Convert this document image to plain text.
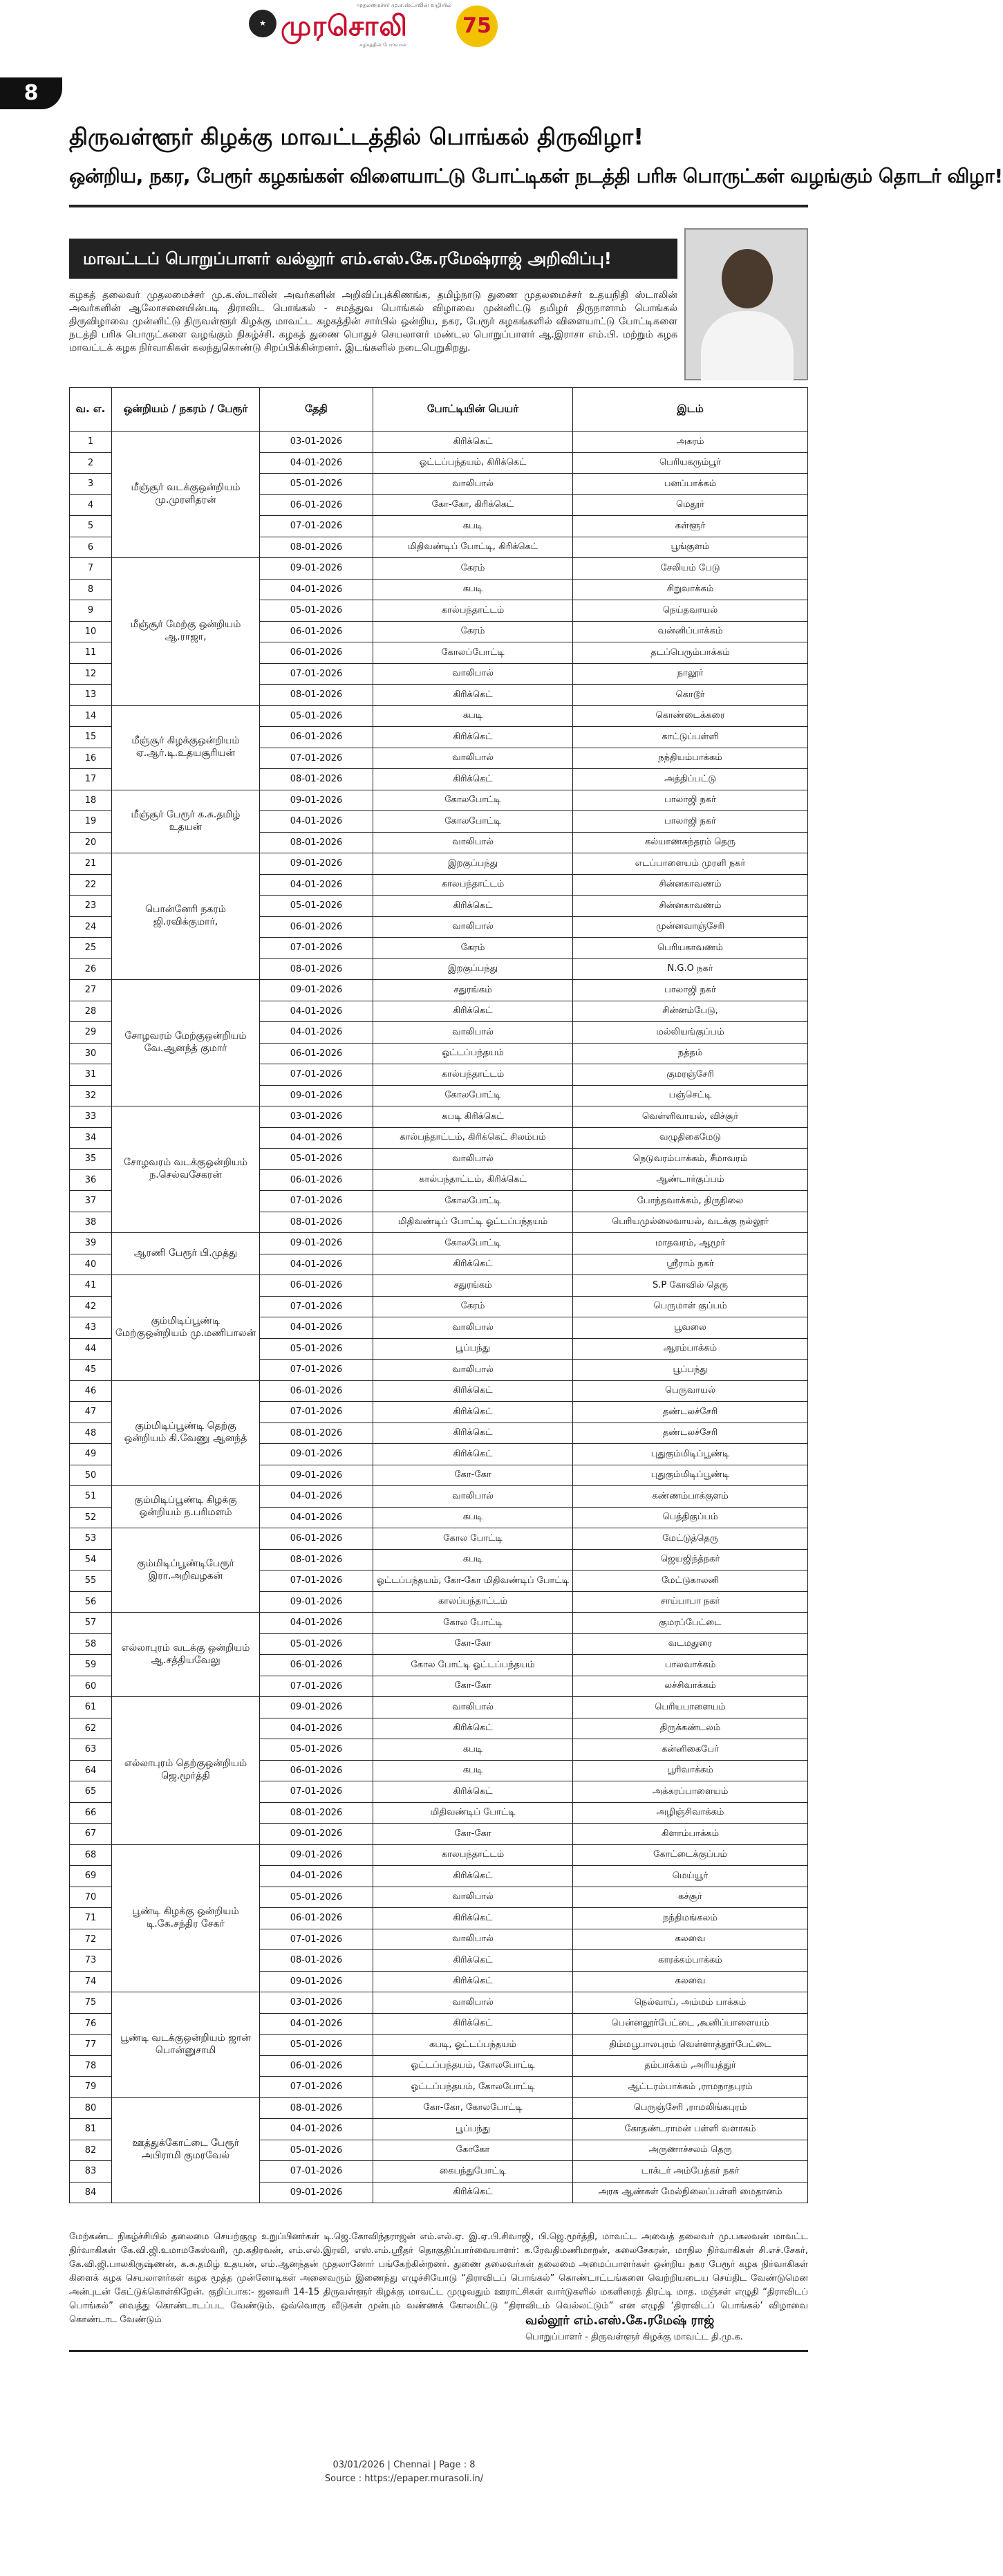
முதலமைச்சர் மு.க.ஸ்டாலின் வழியில்
★ முரசொலி	75
கழகத்தின் போர்வாள்
8
திருவள்ளூர் கிழக்கு மாவட்டத்தில் பொங்கல் திருவிழா!
ஒன்றிய, நகர, பேரூர் கழகங்கள் விளையாட்டு போட்டிகள் நடத்தி பரிசு பொருட்கள் வழங்கும் தொடர் விழா!
மாவட்டப் பொறுப்பாளர் வல்லூர் எம்.எஸ்.கே.ரமேஷ்ராஜ் அறிவிப்பு!
கழகத் தலைவர் முதலமைச்சர் மு.க.ஸ்டாலின் அவர்களின் அறிவிப்புக்கிணங்க, தமிழ்நாடு துணை முதலமைச்சர் உதயநிதி ஸ்டாலின் அவர்களின் ஆலோசனையின்படி திராவிட பொங்கல் - சமத்துவ பொங்கல் விழாவை முன்னிட்டு தமிழர் திருநாளாம் பொங்கல் திருவிழாவை முன்னிட்டு திருவள்ளூர் கிழக்கு மாவட்ட கழகத்தின் சார்பில் ஒன்றிய, நகர, பேரூர் கழகங்களில் விளையாட்டு போட்டிகளை நடத்தி பரிசு பொருட்களை வழங்கும் நிகழ்ச்சி. கழகத் துணை பொதுச் செயலாளர் மண்டல பொறுப்பாளர் ஆ.இராசா எம்.பி. மற்றும் கழக மாவட்டக் கழக நிர்வாகிகள் கலந்துகொண்டு சிறப்பிக்கின்றனர். இடங்களில் நடைபெறுகிறது.
வ. எ.	ஒன்றியம் / நகரம் / பேரூர்	தேதி	போட்டியின் பெயர்	இடம்
1	மீஞ்சூர் வடக்குஒன்றியம் மு.முரளிதரன்	03-01-2026	கிரிக்கெட்	அகரம்
2		04-01-2026	ஓட்டப்பந்தயம், கிரிக்கெட்	பெரியகரும்பூர்
3		05-01-2026	வாலிபால்	பனப்பாக்கம்
4		06-01-2026	கோ-கோ, கிரிக்கெட்	மெதூர்
5		07-01-2026	கபடி	கள்ளூர்
6		08-01-2026	மிதிவண்டிப் போட்டி, கிரிக்கெட்	பூங்குளம்
7	மீஞ்சூர் மேற்கு ஒன்றியம் ஆ.ராஜா,	09-01-2026	கேரம்	சேலியம் பேடு
8		04-01-2026	கபடி	சிறுவாக்கம்
9		05-01-2026	கால்பந்தாட்டம்	நெய்தவாயல்
10		06-01-2026	கேரம்	வன்னிப்பாக்கம்
11		06-01-2026	கோலப்போட்டி	தடப்பெரும்பாக்கம்
12		07-01-2026	வாலிபால்	நாலூர்
13		08-01-2026	கிரிக்கெட்	கொடூர்
14	மீஞ்சூர் கிழக்குஒன்றியம் ஏ.ஆர்.டி.உதயசூரியன்	05-01-2026	கபடி	கொண்டைக்கரை
15		06-01-2026	கிரிக்கெட்	காட்டுப்பள்ளி
16		07-01-2026	வாலிபால்	நந்தியம்பாக்கம்
17		08-01-2026	கிரிக்கெட்	அத்திப்பட்டு
18	மீஞ்சூர் பேரூர் க.சு.தமிழ் உதயன்	09-01-2026	கோலபோட்டி	பாலாஜி நகர்
19		04-01-2026	கோலபோட்டி	பாலாஜி நகர்
20		08-01-2026	வாலிபால்	கல்யாணசுந்தரம் தெரு
21	பொன்னேரி நகரம் ஜி.ரவிக்குமார்,	09-01-2026	இறகுப்பந்து	எடப்பாளையம் முரளி நகர்
22		04-01-2026	காலபந்தாட்டம்	சின்னகாவணம்
23		05-01-2026	கிரிக்கெட்	சின்னகாவணம்
24		06-01-2026	வாலிபால்	முன்னவாஞ்சேரி
25		07-01-2026	கேரம்	பெரியகாவணம்
26		08-01-2026	இறகுப்பந்து	N.G.O நகர்
27	சோழவரம் மேற்குஒன்றியம் வே.ஆனந்த் குமார்	09-01-2026	சதுரங்கம்	பாலாஜி நகர்
28		04-01-2026	கிரிக்கெட்	சின்னம்பேடு,
29		04-01-2026	வாலிபால்	மல்லியங்குப்பம்
30		06-01-2026	ஓட்டப்பந்தயம்	நத்தம்
31		07-01-2026	கால்பந்தாட்டம்	குமரஞ்சேரி
32		09-01-2026	கோலபோட்டி	பஞ்செட்டி
33	சோழவரம் வடக்குஒன்றியம் ந.செல்வசேகரன்	03-01-2026	கபடி கிரிக்கெட்	வெள்ளிவாயல், விச்சூர்
34		04-01-2026	கால்பந்தாட்டம், கிரிக்கெட் சிலம்பம்	வழுதிகைமேடு
35		05-01-2026	வாலிபால்	நெடுவரம்பாக்கம், சீமாவரம்
36		06-01-2026	கால்பந்தாட்டம், கிரிக்கெட்	ஆண்டார்குப்பம்
37		07-01-2026	கோலபோட்டி	போந்தவாக்கம், திருநிலை
38		08-01-2026	மிதிவண்டிப் போட்டி ஓட்டப்பந்தயம்	பெரியமுல்லைவாயல், வடக்கு நல்லூர்
39	ஆரணி பேரூர் பி.முத்து	09-01-2026	கோலபோட்டி	மாதவரம், ஆமூர்
40		04-01-2026	கிரிக்கெட்	ஸ்ரீராம் நகர்
41	கும்மிடிப்பூண்டி மேற்குஒன்றியம் மு.மணிபாலன்	06-01-2026	சதுரங்கம்	S.P கோவில் தெரு
42		07-01-2026	கேரம்	பெருமாள் குப்பம்
43		04-01-2026	வாலிபால்	பூவலை
44		05-01-2026	பூப்பந்து	ஆரம்பாக்கம்
45		07-01-2026	வாலிபால்	பூப்பந்து
46	கும்மிடிப்பூண்டி தெற்கு ஒன்றியம் கி.வேணு ஆனந்த்	06-01-2026	கிரிக்கெட்	பெருவாயல்
47		07-01-2026	கிரிக்கெட்	தண்டலச்சேரி
48		08-01-2026	கிரிக்கெட்	தண்டலச்சேரி
49		09-01-2026	கிரிக்கெட்	புதுகும்மிடிப்பூண்டி
50		09-01-2026	கோ-கோ	புதுகும்மிடிப்பூண்டி
51	கும்மிடிப்பூண்டி கிழக்கு ஒன்றியம் ந.பரிமளம்	04-01-2026	வாலிபால்	கண்ணம்பாக்குளம்
52		04-01-2026	கபடி	பெத்திகுப்பம்
53	கும்மிடிப்பூண்டிபேரூர் இரா.அறிவழகன்	06-01-2026	கோல போட்டி	மேட்டுத்தெரு
54		08-01-2026	கபடி	ஜெயஜிந்த்நகர்
55		07-01-2026	ஓட்டப்பந்தயம், கோ-கோ மிதிவண்டிப் போட்டி	மேட்டுகாலனி
56		09-01-2026	காலப்பந்தாட்டம்	சாய்பாபா நகர்
57	எல்லாபுரம் வடக்கு ஒன்றியம் ஆ.சத்தியவேலு	04-01-2026	கோல போட்டி	குமரப்பேட்டை
58		05-01-2026	கோ-கோ	வடமதுரை
59		06-01-2026	கோல போட்டி ஓட்டப்பந்தயம்	பாலவாக்கம்
60		07-01-2026	கோ-கோ	லச்சிவாக்கம்
61	எல்லாபுரம் தெற்குஒன்றியம் ஜெ.மூர்த்தி	09-01-2026	வாலிபால்	பெரியபாளையம்
62		04-01-2026	கிரிக்கெட்	திருக்கண்டலம்
63		05-01-2026	கபடி	கன்னிகைபேர்
64		06-01-2026	கபடி	பூரிவாக்கம்
65		07-01-2026	கிரிக்கெட்	அக்கரப்பாளையம்
66		08-01-2026	மிதிவண்டிப் போட்டி	அழிஞ்சிவாக்கம்
67		09-01-2026	கோ-கோ	கிளாம்பாக்கம்
68	பூண்டி கிழக்கு ஒன்றியம் டி.கே.சந்திர சேகர்	09-01-2026	காலபந்தாட்டம்	கோட்டைக்குப்பம்
69		04-01-2026	கிரிக்கெட்	மெய்யூர்
70		05-01-2026	வாலிபால்	கச்சூர்
71		06-01-2026	கிரிக்கெட்	நந்திமங்கலம்
72		07-01-2026	வாலிபால்	கலவை
73		08-01-2026	கிரிக்கெட்	காரக்கம்பாக்கம்
74		09-01-2026	கிரிக்கெட்	கலவை
75	பூண்டி வடக்குஒன்றியம் ஜான் பொன்னுசாமி	03-01-2026	வாலிபால்	நெல்வாய், அம்மம் பாக்கம்
76		04-01-2026	கிரிக்கெட்	பென்னலூர்பேட்டை ,கூனிப்பாளையம்
77		05-01-2026	கபடி, ஓட்டப்பந்தயம்	திம்மபூபாலபுரம் வெள்ளாத்தூர்பேட்டை
78		06-01-2026	ஓட்டப்பந்தயம், கோலபோட்டி	தம்பாக்கம் ,அரியத்துர்
79		07-01-2026	ஓட்டப்பந்தயம், கோலபோட்டி	ஆட்டரம்பாக்கம் ,ராமநாதபுரம்
80	ஊத்துக்கோட்டை பேரூர் அபிராமி குமரவேல்	08-01-2026	கோ-கோ, கோலபோட்டி	பெருஞ்சேரி ,ராமலிங்கபுரம்
81		04-01-2026	பூப்பந்து	கோதண்டராமன் பள்ளி வளாகம்
82		05-01-2026	கோகோ	அருணாச்சலம் தெரு
83		07-01-2026	கைபந்துபோட்டி	டாக்டர் அம்பேத்கர் நகர்
84		09-01-2026	கிரிக்கெட்	அரசு ஆண்கள் மேல்நிலைப்பள்ளி மைதானம்
மேற்கண்ட நிகழ்ச்சியில் தலைமை செயற்குழு உறுப்பினர்கள் டி.ஜெ.கோவிந்தராஜன் எம்.எல்.ஏ. இ.ஏ.பி.சிவாஜி, பி.ஜெ.மூர்த்தி, மாவட்ட அவைத் தலைவர் மு.பகலவன் மாவட்ட நிர்வாகிகள் கே.வி.ஜி.உமாமகேஸ்வரி, மு.கதிரவன், எம்.எல்.இரவி, எஸ்.எம்.ஸ்ரீதர் தொகுதிப்பார்வையாளர்: க.ரேவதிமணிமாறன், கலைசேகரன், மாநில நிர்வாகிகள் சி.எச்.சேகர், கே.வி.ஜி.பாலகிருஷ்ணன், க.சு.தமிழ் உதயன், எம்.ஆனந்தன் முதலானோர் பங்கேற்கின்றனர். துணை தலைவர்கள் தலைமை அமைப்பாளர்கள் ஒன்றிய நகர பேரூர் கழக நிர்வாகிகள் கிளைக் கழக செயலாளர்கள் கழக மூத்த முன்னோடிகள் அனைவரும் இணைந்து எழுச்சியோடு “திராவிடப் பொங்கல்” கொண்டாட்டங்களை வெற்றியடைய செய்திட வேண்டுமென அன்புடன் கேட்டுக்கொள்கிறேன். குறிப்பாக:- ஜனவரி 14-15 திருவள்ளூர் கிழக்கு மாவட்ட முழுவதும் ஊராட்சிகள் வார்டுகளில் மகளிரைத் திரட்டி மாத. மஞ்சள் எழுதி “திராவிடப் பொங்கல்” வைத்து கொண்டாடப்பட வேண்டும். ஒவ்வொரு வீடுகள் முன்பும் வண்ணக் கோலமிட்டு “திராவிடம் வெல்லட்டும்” என எழுதி ‘திராவிடப் பொங்கல்’ விழாவை கொண்டாட வேண்டும்	வல்லூர் எம்.எஸ்.கே.ரமேஷ் ராஜ்
பொறுப்பாளர் - திருவள்ளூர் கிழக்கு மாவட்ட தி.மு.க.
03/01/2026 | Chennai | Page : 8
Source : https://epaper.murasoli.in/
